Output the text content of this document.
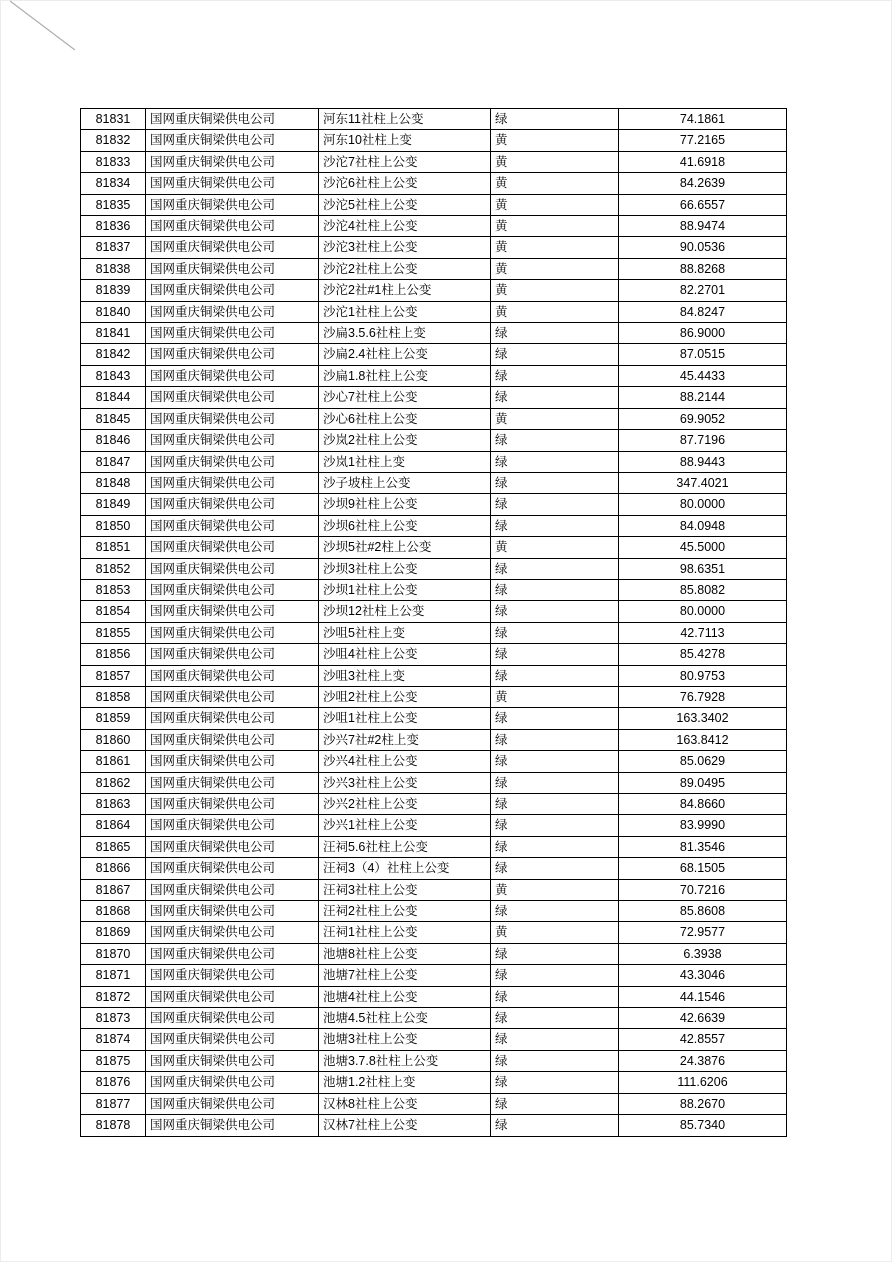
81831	国网重庆铜梁供电公司	河东11社柱上公变	绿	74.1861
81832	国网重庆铜梁供电公司	河东10社柱上变	黄	77.2165
81833	国网重庆铜梁供电公司	沙沱7社柱上公变	黄	41.6918
81834	国网重庆铜梁供电公司	沙沱6社柱上公变	黄	84.2639
81835	国网重庆铜梁供电公司	沙沱5社柱上公变	黄	66.6557
81836	国网重庆铜梁供电公司	沙沱4社柱上公变	黄	88.9474
81837	国网重庆铜梁供电公司	沙沱3社柱上公变	黄	90.0536
81838	国网重庆铜梁供电公司	沙沱2社柱上公变	黄	88.8268
81839	国网重庆铜梁供电公司	沙沱2社#1柱上公变	黄	82.2701
81840	国网重庆铜梁供电公司	沙沱1社柱上公变	黄	84.8247
81841	国网重庆铜梁供电公司	沙扁3.5.6社柱上变	绿	86.9000
81842	国网重庆铜梁供电公司	沙扁2.4社柱上公变	绿	87.0515
81843	国网重庆铜梁供电公司	沙扁1.8社柱上公变	绿	45.4433
81844	国网重庆铜梁供电公司	沙心7社柱上公变	绿	88.2144
81845	国网重庆铜梁供电公司	沙心6社柱上公变	黄	69.9052
81846	国网重庆铜梁供电公司	沙岚2社柱上公变	绿	87.7196
81847	国网重庆铜梁供电公司	沙岚1社柱上变	绿	88.9443
81848	国网重庆铜梁供电公司	沙子坡柱上公变	绿	347.4021
81849	国网重庆铜梁供电公司	沙坝9社柱上公变	绿	80.0000
81850	国网重庆铜梁供电公司	沙坝6社柱上公变	绿	84.0948
81851	国网重庆铜梁供电公司	沙坝5社#2柱上公变	黄	45.5000
81852	国网重庆铜梁供电公司	沙坝3社柱上公变	绿	98.6351
81853	国网重庆铜梁供电公司	沙坝1社柱上公变	绿	85.8082
81854	国网重庆铜梁供电公司	沙坝12社柱上公变	绿	80.0000
81855	国网重庆铜梁供电公司	沙咀5社柱上变	绿	42.7113
81856	国网重庆铜梁供电公司	沙咀4社柱上公变	绿	85.4278
81857	国网重庆铜梁供电公司	沙咀3社柱上变	绿	80.9753
81858	国网重庆铜梁供电公司	沙咀2社柱上公变	黄	76.7928
81859	国网重庆铜梁供电公司	沙咀1社柱上公变	绿	163.3402
81860	国网重庆铜梁供电公司	沙兴7社#2柱上变	绿	163.8412
81861	国网重庆铜梁供电公司	沙兴4社柱上公变	绿	85.0629
81862	国网重庆铜梁供电公司	沙兴3社柱上公变	绿	89.0495
81863	国网重庆铜梁供电公司	沙兴2社柱上公变	绿	84.8660
81864	国网重庆铜梁供电公司	沙兴1社柱上公变	绿	83.9990
81865	国网重庆铜梁供电公司	汪祠5.6社柱上公变	绿	81.3546
81866	国网重庆铜梁供电公司	汪祠3（4）社柱上公变	绿	68.1505
81867	国网重庆铜梁供电公司	汪祠3社柱上公变	黄	70.7216
81868	国网重庆铜梁供电公司	汪祠2社柱上公变	绿	85.8608
81869	国网重庆铜梁供电公司	汪祠1社柱上公变	黄	72.9577
81870	国网重庆铜梁供电公司	池塘8社柱上公变	绿	6.3938
81871	国网重庆铜梁供电公司	池塘7社柱上公变	绿	43.3046
81872	国网重庆铜梁供电公司	池塘4社柱上公变	绿	44.1546
81873	国网重庆铜梁供电公司	池塘4.5社柱上公变	绿	42.6639
81874	国网重庆铜梁供电公司	池塘3社柱上公变	绿	42.8557
81875	国网重庆铜梁供电公司	池塘3.7.8社柱上公变	绿	24.3876
81876	国网重庆铜梁供电公司	池塘1.2社柱上变	绿	111.6206
81877	国网重庆铜梁供电公司	汉林8社柱上公变	绿	88.2670
81878	国网重庆铜梁供电公司	汉林7社柱上公变	绿	85.7340
